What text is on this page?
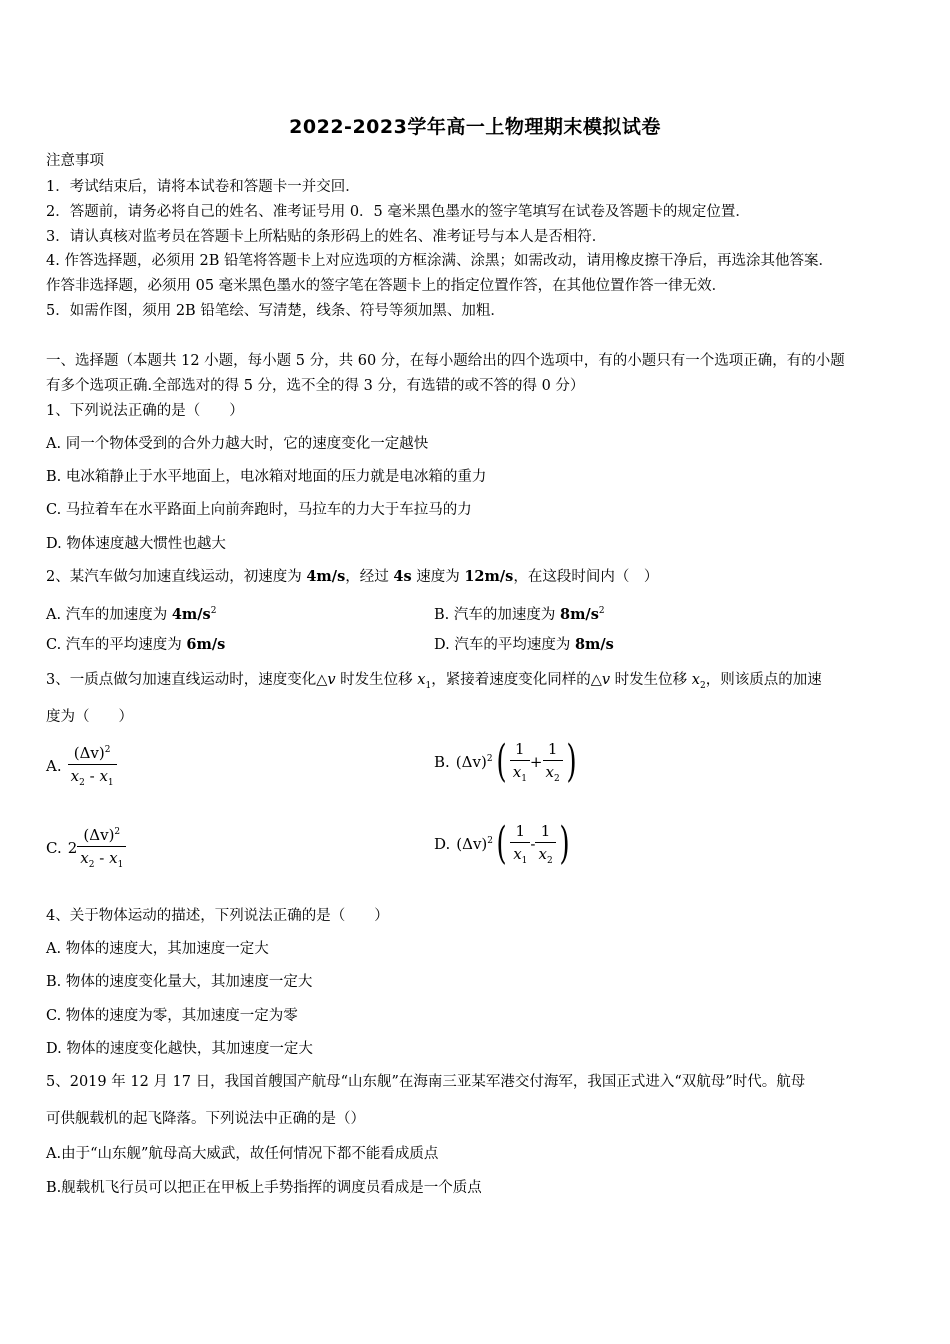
2022-2023学年高一上物理期末模拟试卷
注意事项
1．考试结束后，请将本试卷和答题卡一并交回．
2．答题前，请务必将自己的姓名、准考证号用 0．5 毫米黑色墨水的签字笔填写在试卷及答题卡的规定位置．
3．请认真核对监考员在答题卡上所粘贴的条形码上的姓名、准考证号与本人是否相符．
4. 作答选择题，必须用 2B 铅笔将答题卡上对应选项的方框涂满、涂黑；如需改动，请用橡皮擦干净后，再选涂其他答案．
作答非选择题，必须用 05 毫米黑色墨水的签字笔在答题卡上的指定位置作答，在其他位置作答一律无效．
5．如需作图，须用 2B 铅笔绘、写清楚，线条、符号等须加黑、加粗．
一、选择题（本题共 12 小题，每小题 5 分，共 60 分，在每小题给出的四个选项中，有的小题只有一个选项正确，有的小题
有多个选项正确.全部选对的得 5 分，选不全的得 3 分，有选错的或不答的得 0 分）
1、下列说法正确的是（　　）
A. 同一个物体受到的合外力越大时，它的速度变化一定越快
B. 电冰箱静止于水平地面上，电冰箱对地面的压力就是电冰箱的重力
C. 马拉着车在水平路面上向前奔跑时，马拉车的力大于车拉马的力
D. 物体速度越大惯性也越大
2、某汽车做匀加速直线运动，初速度为 4m/s，经过 4s 速度为 12m/s，在这段时间内（　）
A. 汽车的加速度为 $4m/s^2$	B. 汽车的加速度为 $8m/s^2$
C. 汽车的平均速度为 6m/s	D. 汽车的平均速度为 8m/s
3、一质点做匀加速直线运动时，速度变化△v 时发生位移 $x_1$，紧接着速度变化同样的△v 时发生位移 $x_2$，则该质点的加速
度为（　　）
A. $\frac{(\Delta v)^2}{x_2 - x_1}$	B. $(\Delta v)^2$ ( $\frac{1}{x_1} + \frac{1}{x_2}$ )
C. $2 \frac{(\Delta v)^2}{x_2 - x_1}$	D. $(\Delta v)^2$ ( $\frac{1}{x_1} - \frac{1}{x_2}$ )
4、关于物体运动的描述，下列说法正确的是（　　）
A. 物体的速度大，其加速度一定大
B. 物体的速度变化量大，其加速度一定大
C. 物体的速度为零，其加速度一定为零
D. 物体的速度变化越快，其加速度一定大
5、2019 年 12 月 17 日，我国首艘国产航母“山东舰”在海南三亚某军港交付海军，我国正式进入“双航母”时代。航母
可供舰载机的起飞降落。下列说法中正确的是（）
A.由于“山东舰”航母高大威武，故任何情况下都不能看成质点
B.舰载机飞行员可以把正在甲板上手势指挥的调度员看成是一个质点
